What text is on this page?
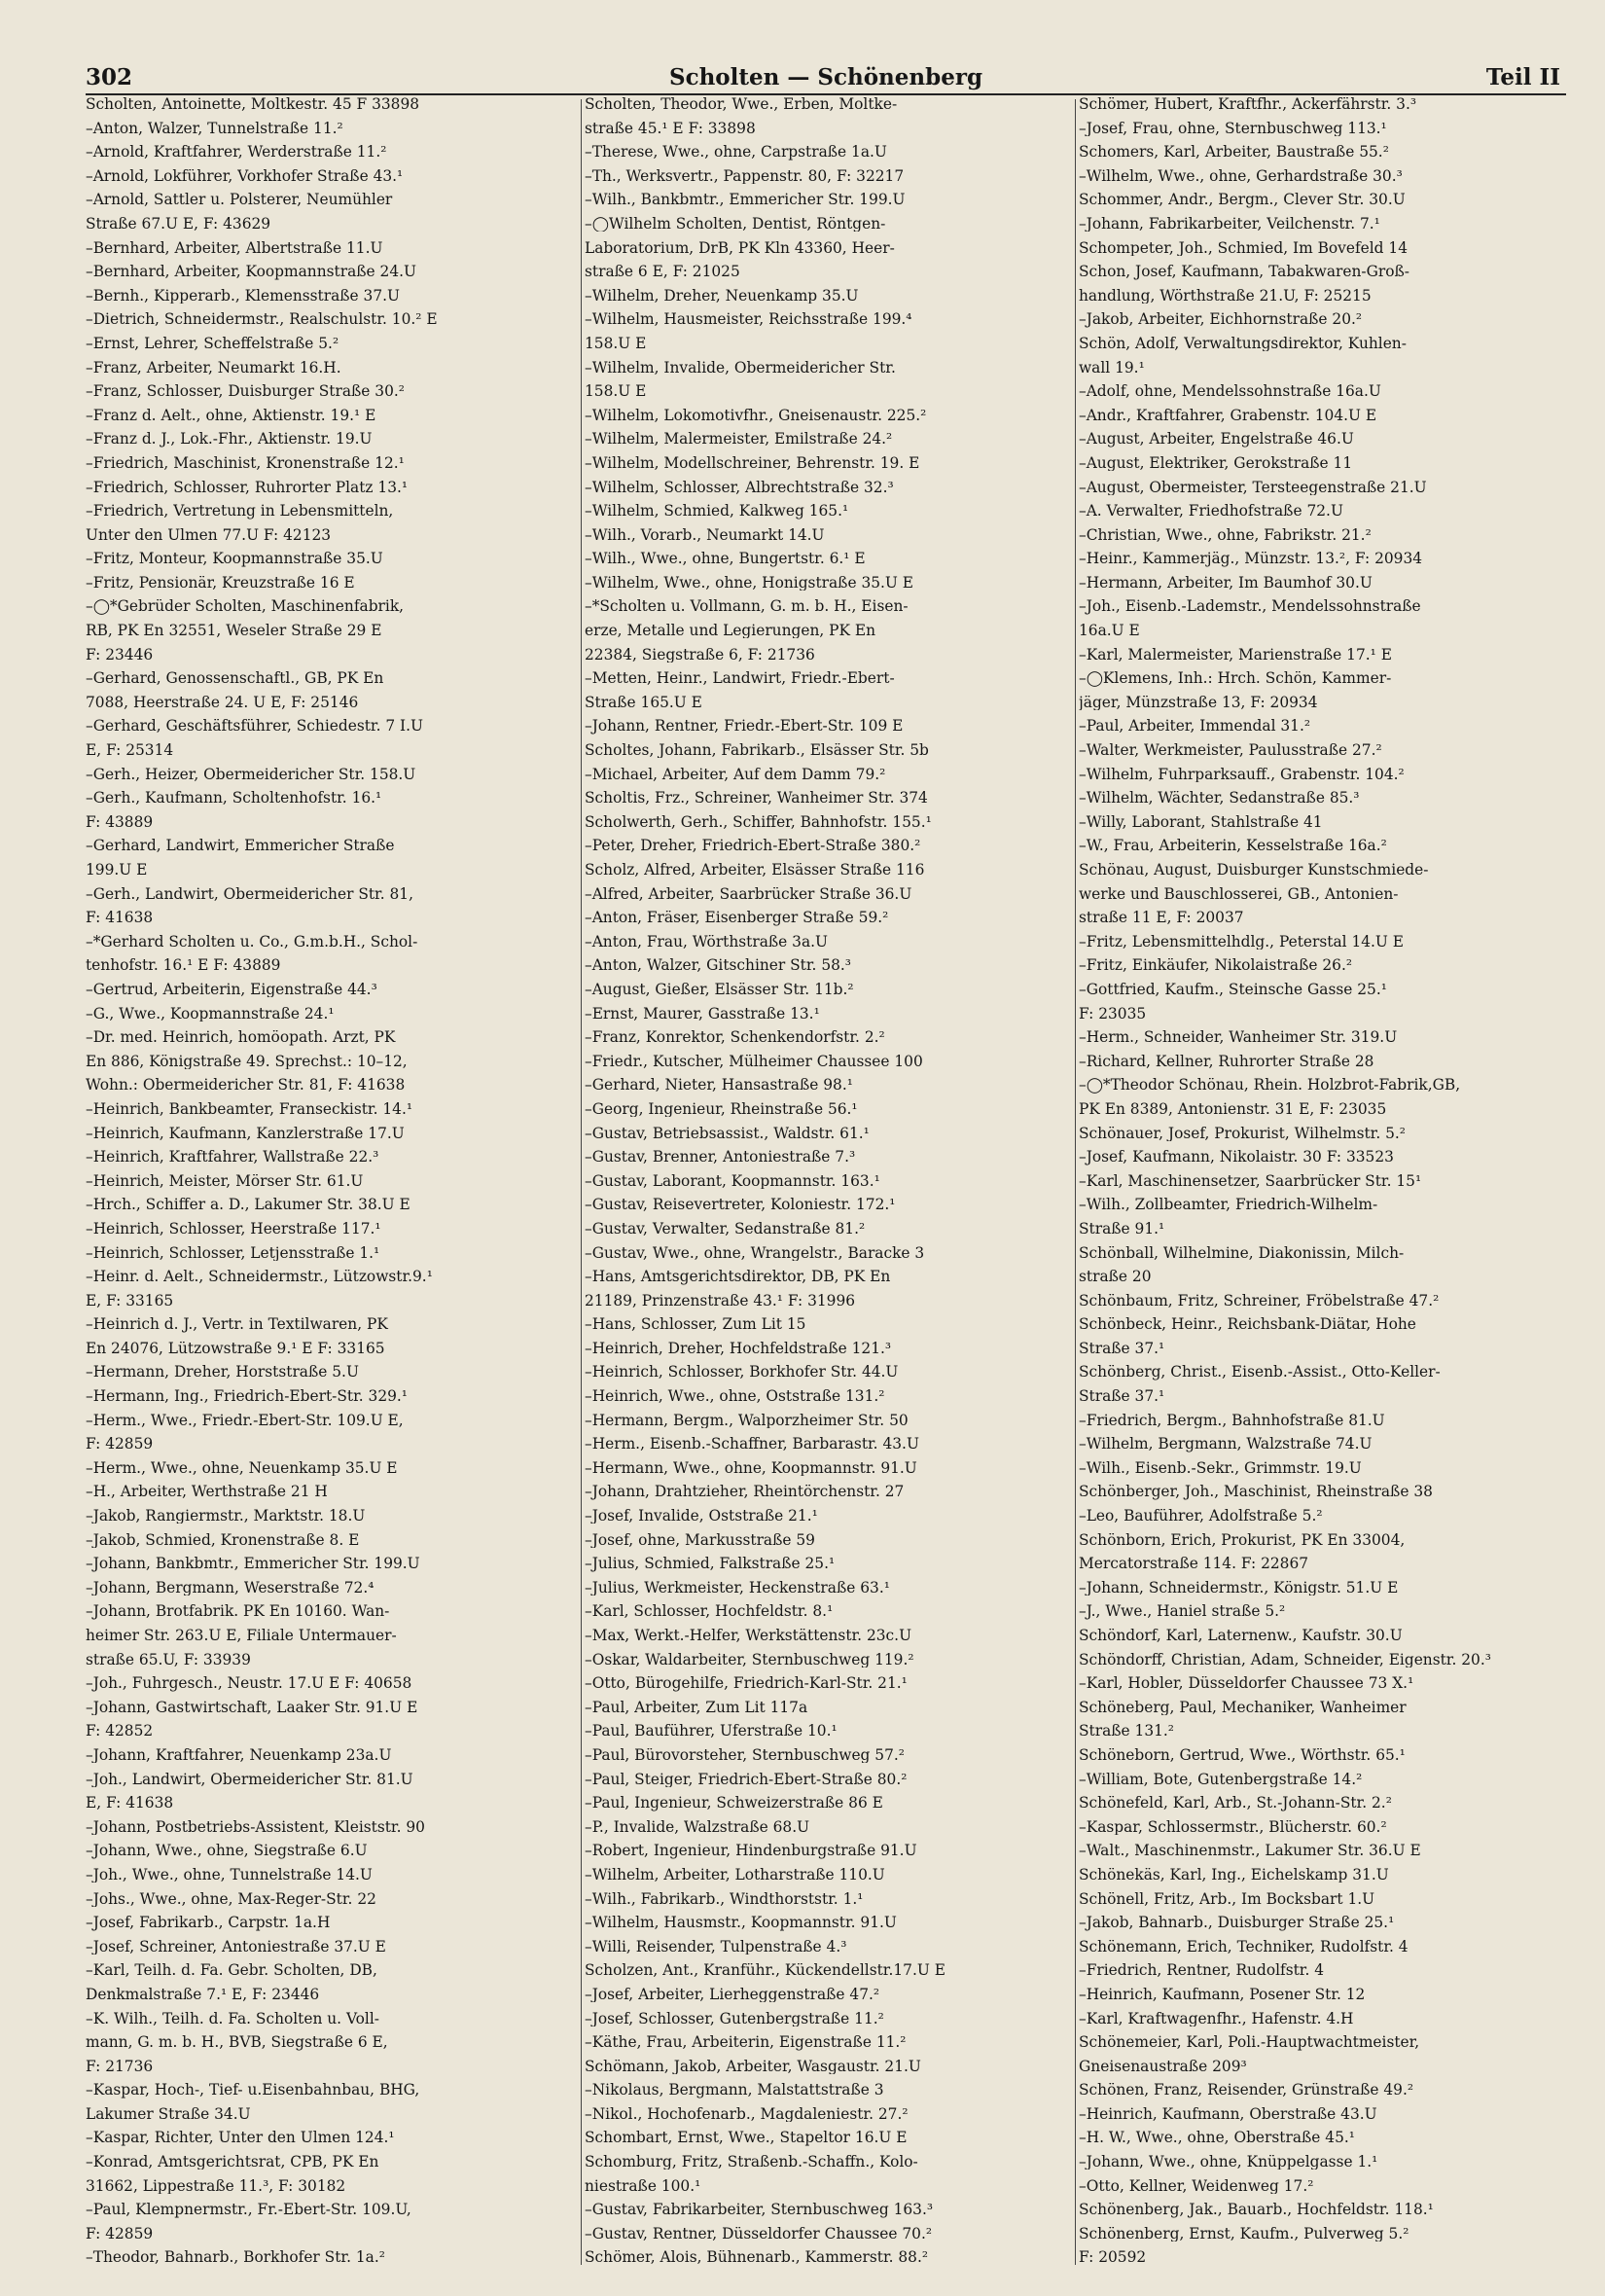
302	Scholten — Schönenberg	Teil II
Scholten, Antoinette, Moltkestr. 45 F 33898
–Anton, Walzer, Tunnelstraße 11.²
–Arnold, Kraftfahrer, Werderstraße 11.²
–Arnold, Lokführer, Vorkhofer Straße 43.¹
–Arnold, Sattler u. Polsterer, Neumühler
Straße 67.U E, F: 43629
–Bernhard, Arbeiter, Albertstraße 11.U
–Bernhard, Arbeiter, Koopmannstraße 24.U
–Bernh., Kipperarb., Klemensstraße 37.U
–Dietrich, Schneidermstr., Realschulstr. 10.² E
–Ernst, Lehrer, Scheffelstraße 5.²
–Franz, Arbeiter, Neumarkt 16.H.
–Franz, Schlosser, Duisburger Straße 30.²
–Franz d. Aelt., ohne, Aktienstr. 19.¹ E
–Franz d. J., Lok.-Fhr., Aktienstr. 19.U
–Friedrich, Maschinist, Kronenstraße 12.¹
–Friedrich, Schlosser, Ruhrorter Platz 13.¹
–Friedrich, Vertretung in Lebensmitteln,
Unter den Ulmen 77.U F: 42123
–Fritz, Monteur, Koopmannstraße 35.U
–Fritz, Pensionär, Kreuzstraße 16 E
–◯*Gebrüder Scholten, Maschinenfabrik,
RB, PK En 32551, Weseler Straße 29 E
F: 23446
–Gerhard, Genossenschaftl., GB, PK En
7088, Heerstraße 24. U E, F: 25146
–Gerhard, Geschäftsführer, Schiedestr. 7 I.U
E, F: 25314
–Gerh., Heizer, Obermeidericher Str. 158.U
–Gerh., Kaufmann, Scholtenhofstr. 16.¹
F: 43889
–Gerhard, Landwirt, Emmericher Straße
199.U E
–Gerh., Landwirt, Obermeidericher Str. 81,
F: 41638
–*Gerhard Scholten u. Co., G.m.b.H., Schol-
tenhofstr. 16.¹ E F: 43889
–Gertrud, Arbeiterin, Eigenstraße 44.³
–G., Wwe., Koopmannstraße 24.¹
–Dr. med. Heinrich, homöopath. Arzt, PK
En 886, Königstraße 49. Sprechst.: 10–12,
Wohn.: Obermeidericher Str. 81, F: 41638
–Heinrich, Bankbeamter, Franseckistr. 14.¹
–Heinrich, Kaufmann, Kanzlerstraße 17.U
–Heinrich, Kraftfahrer, Wallstraße 22.³
–Heinrich, Meister, Mörser Str. 61.U
–Hrch., Schiffer a. D., Lakumer Str. 38.U E
–Heinrich, Schlosser, Heerstraße 117.¹
–Heinrich, Schlosser, Letjensstraße 1.¹
–Heinr. d. Aelt., Schneidermstr., Lützowstr.9.¹
E, F: 33165
–Heinrich d. J., Vertr. in Textilwaren, PK
En 24076, Lützowstraße 9.¹ E F: 33165
–Hermann, Dreher, Horststraße 5.U
–Hermann, Ing., Friedrich-Ebert-Str. 329.¹
–Herm., Wwe., Friedr.-Ebert-Str. 109.U E,
F: 42859
–Herm., Wwe., ohne, Neuenkamp 35.U E
–H., Arbeiter, Werthstraße 21 H
–Jakob, Rangiermstr., Marktstr. 18.U
–Jakob, Schmied, Kronenstraße 8. E
–Johann, Bankbmtr., Emmericher Str. 199.U
–Johann, Bergmann, Weserstraße 72.⁴
–Johann, Brotfabrik. PK En 10160. Wan-
heimer Str. 263.U E, Filiale Untermauer-
straße 65.U, F: 33939
–Joh., Fuhrgesch., Neustr. 17.U E F: 40658
–Johann, Gastwirtschaft, Laaker Str. 91.U E
F: 42852
–Johann, Kraftfahrer, Neuenkamp 23a.U
–Joh., Landwirt, Obermeidericher Str. 81.U
E, F: 41638
–Johann, Postbetriebs-Assistent, Kleiststr. 90
–Johann, Wwe., ohne, Siegstraße 6.U
–Joh., Wwe., ohne, Tunnelstraße 14.U
–Johs., Wwe., ohne, Max-Reger-Str. 22
–Josef, Fabrikarb., Carpstr. 1a.H
–Josef, Schreiner, Antoniestraße 37.U E
–Karl, Teilh. d. Fa. Gebr. Scholten, DB,
Denkmalstraße 7.¹ E, F: 23446
–K. Wilh., Teilh. d. Fa. Scholten u. Voll-
mann, G. m. b. H., BVB, Siegstraße 6 E,
F: 21736
–Kaspar, Hoch-, Tief- u.Eisenbahnbau, BHG,
Lakumer Straße 34.U
–Kaspar, Richter, Unter den Ulmen 124.¹
–Konrad, Amtsgerichtsrat, CPB, PK En
31662, Lippestraße 11.³, F: 30182
–Paul, Klempnermstr., Fr.-Ebert-Str. 109.U,
F: 42859
–Theodor, Bahnarb., Borkhofer Str. 1a.²
Scholten, Theodor, Wwe., Erben, Moltke-
straße 45.¹ E F: 33898
–Therese, Wwe., ohne, Carpstraße 1a.U
–Th., Werksvertr., Pappenstr. 80, F: 32217
–Wilh., Bankbmtr., Emmericher Str. 199.U
–◯Wilhelm Scholten, Dentist, Röntgen-
Laboratorium, DrB, PK Kln 43360, Heer-
straße 6 E, F: 21025
–Wilhelm, Dreher, Neuenkamp 35.U
–Wilhelm, Hausmeister, Reichsstraße 199.⁴
158.U E
–Wilhelm, Invalide, Obermeidericher Str.
158.U E
–Wilhelm, Lokomotivfhr., Gneisenaustr. 225.²
–Wilhelm, Malermeister, Emilstraße 24.²
–Wilhelm, Modellschreiner, Behrenstr. 19. E
–Wilhelm, Schlosser, Albrechtstraße 32.³
–Wilhelm, Schmied, Kalkweg 165.¹
–Wilh., Vorarb., Neumarkt 14.U
–Wilh., Wwe., ohne, Bungertstr. 6.¹ E
–Wilhelm, Wwe., ohne, Honigstraße 35.U E
–*Scholten u. Vollmann, G. m. b. H., Eisen-
erze, Metalle und Legierungen, PK En
22384, Siegstraße 6, F: 21736
–Metten, Heinr., Landwirt, Friedr.-Ebert-
Straße 165.U E
–Johann, Rentner, Friedr.-Ebert-Str. 109 E
Scholtes, Johann, Fabrikarb., Elsässer Str. 5b
–Michael, Arbeiter, Auf dem Damm 79.²
Scholtis, Frz., Schreiner, Wanheimer Str. 374
Scholwerth, Gerh., Schiffer, Bahnhofstr. 155.¹
–Peter, Dreher, Friedrich-Ebert-Straße 380.²
Scholz, Alfred, Arbeiter, Elsässer Straße 116
–Alfred, Arbeiter, Saarbrücker Straße 36.U
–Anton, Fräser, Eisenberger Straße 59.²
–Anton, Frau, Wörthstraße 3a.U
–Anton, Walzer, Gitschiner Str. 58.³
–August, Gießer, Elsässer Str. 11b.²
–Ernst, Maurer, Gasstraße 13.¹
–Franz, Konrektor, Schenkendorfstr. 2.²
–Friedr., Kutscher, Mülheimer Chaussee 100
–Gerhard, Nieter, Hansastraße 98.¹
–Georg, Ingenieur, Rheinstraße 56.¹
–Gustav, Betriebsassist., Waldstr. 61.¹
–Gustav, Brenner, Antoniestraße 7.³
–Gustav, Laborant, Koopmannstr. 163.¹
–Gustav, Reisevertreter, Koloniestr. 172.¹
–Gustav, Verwalter, Sedanstraße 81.²
–Gustav, Wwe., ohne, Wrangelstr., Baracke 3
–Hans, Amtsgerichtsdirektor, DB, PK En
21189, Prinzenstraße 43.¹ F: 31996
–Hans, Schlosser, Zum Lit 15
–Heinrich, Dreher, Hochfeldstraße 121.³
–Heinrich, Schlosser, Borkhofer Str. 44.U
–Heinrich, Wwe., ohne, Oststraße 131.²
–Hermann, Bergm., Walporzheimer Str. 50
–Herm., Eisenb.-Schaffner, Barbarastr. 43.U
–Hermann, Wwe., ohne, Koopmannstr. 91.U
–Johann, Drahtzieher, Rheintörchenstr. 27
–Josef, Invalide, Oststraße 21.¹
–Josef, ohne, Markusstraße 59
–Julius, Schmied, Falkstraße 25.¹
–Julius, Werkmeister, Heckenstraße 63.¹
–Karl, Schlosser, Hochfeldstr. 8.¹
–Max, Werkt.-Helfer, Werkstättenstr. 23c.U
–Oskar, Waldarbeiter, Sternbuschweg 119.²
–Otto, Bürogehilfe, Friedrich-Karl-Str. 21.¹
–Paul, Arbeiter, Zum Lit 117a
–Paul, Bauführer, Uferstraße 10.¹
–Paul, Bürovorsteher, Sternbuschweg 57.²
–Paul, Steiger, Friedrich-Ebert-Straße 80.²
–Paul, Ingenieur, Schweizerstraße 86 E
–P., Invalide, Walzstraße 68.U
–Robert, Ingenieur, Hindenburgstraße 91.U
–Wilhelm, Arbeiter, Lotharstraße 110.U
–Wilh., Fabrikarb., Windthorststr. 1.¹
–Wilhelm, Hausmstr., Koopmannstr. 91.U
–Willi, Reisender, Tulpenstraße 4.³
Scholzen, Ant., Kranführ., Kückendellstr.17.U E
–Josef, Arbeiter, Lierheggenstraße 47.²
–Josef, Schlosser, Gutenbergstraße 11.²
–Käthe, Frau, Arbeiterin, Eigenstraße 11.²
Schömann, Jakob, Arbeiter, Wasgaustr. 21.U
–Nikolaus, Bergmann, Malstattstraße 3
–Nikol., Hochofenarb., Magdaleniestr. 27.²
Schombart, Ernst, Wwe., Stapeltor 16.U E
Schomburg, Fritz, Straßenb.-Schaffn., Kolo-
niestraße 100.¹
–Gustav, Fabrikarbeiter, Sternbuschweg 163.³
–Gustav, Rentner, Düsseldorfer Chaussee 70.²
Schömer, Alois, Bühnenarb., Kammerstr. 88.²
Schömer, Hubert, Kraftfhr., Ackerfährstr. 3.³
–Josef, Frau, ohne, Sternbuschweg 113.¹
Schomers, Karl, Arbeiter, Baustraße 55.²
–Wilhelm, Wwe., ohne, Gerhardstraße 30.³
Schommer, Andr., Bergm., Clever Str. 30.U
–Johann, Fabrikarbeiter, Veilchenstr. 7.¹
Schompeter, Joh., Schmied, Im Bovefeld 14
Schon, Josef, Kaufmann, Tabakwaren-Groß-
handlung, Wörthstraße 21.U, F: 25215
–Jakob, Arbeiter, Eichhornstraße 20.²
Schön, Adolf, Verwaltungsdirektor, Kuhlen-
wall 19.¹
–Adolf, ohne, Mendelssohnstraße 16a.U
–Andr., Kraftfahrer, Grabenstr. 104.U E
–August, Arbeiter, Engelstraße 46.U
–August, Elektriker, Gerokstraße 11
–August, Obermeister, Tersteegenstraße 21.U
–A. Verwalter, Friedhofstraße 72.U
–Christian, Wwe., ohne, Fabrikstr. 21.²
–Heinr., Kammerjäg., Münzstr. 13.², F: 20934
–Hermann, Arbeiter, Im Baumhof 30.U
–Joh., Eisenb.-Lademstr., Mendelssohnstraße
16a.U E
–Karl, Malermeister, Marienstraße 17.¹ E
–◯Klemens, Inh.: Hrch. Schön, Kammer-
jäger, Münzstraße 13, F: 20934
–Paul, Arbeiter, Immendal 31.²
–Walter, Werkmeister, Paulusstraße 27.²
–Wilhelm, Fuhrparksauff., Grabenstr. 104.²
–Wilhelm, Wächter, Sedanstraße 85.³
–Willy, Laborant, Stahlstraße 41
–W., Frau, Arbeiterin, Kesselstraße 16a.²
Schönau, August, Duisburger Kunstschmiede-
werke und Bauschlosserei, GB., Antonien-
straße 11 E, F: 20037
–Fritz, Lebensmittelhdlg., Peterstal 14.U E
–Fritz, Einkäufer, Nikolaistraße 26.²
–Gottfried, Kaufm., Steinsche Gasse 25.¹
F: 23035
–Herm., Schneider, Wanheimer Str. 319.U
–Richard, Kellner, Ruhrorter Straße 28
–◯*Theodor Schönau, Rhein. Holzbrot-Fabrik,GB,
PK En 8389, Antonienstr. 31 E, F: 23035
Schönauer, Josef, Prokurist, Wilhelmstr. 5.²
–Josef, Kaufmann, Nikolaistr. 30 F: 33523
–Karl, Maschinensetzer, Saarbrücker Str. 15¹
–Wilh., Zollbeamter, Friedrich-Wilhelm-
Straße 91.¹
Schönball, Wilhelmine, Diakonissin, Milch-
straße 20
Schönbaum, Fritz, Schreiner, Fröbelstraße 47.²
Schönbeck, Heinr., Reichsbank-Diätar, Hohe
Straße 37.¹
Schönberg, Christ., Eisenb.-Assist., Otto-Keller-
Straße 37.¹
–Friedrich, Bergm., Bahnhofstraße 81.U
–Wilhelm, Bergmann, Walzstraße 74.U
–Wilh., Eisenb.-Sekr., Grimmstr. 19.U
Schönberger, Joh., Maschinist, Rheinstraße 38
–Leo, Bauführer, Adolfstraße 5.²
Schönborn, Erich, Prokurist, PK En 33004,
Mercatorstraße 114. F: 22867
–Johann, Schneidermstr., Königstr. 51.U E
–J., Wwe., Haniel straße 5.²
Schöndorf, Karl, Laternenw., Kaufstr. 30.U
Schöndorff, Christian, Adam, Schneider, Eigenstr. 20.³
–Karl, Hobler, Düsseldorfer Chaussee 73 X.¹
Schöneberg, Paul, Mechaniker, Wanheimer
Straße 131.²
Schöneborn, Gertrud, Wwe., Wörthstr. 65.¹
–William, Bote, Gutenbergstraße 14.²
Schönefeld, Karl, Arb., St.-Johann-Str. 2.²
–Kaspar, Schlossermstr., Blücherstr. 60.²
–Walt., Maschinenmstr., Lakumer Str. 36.U E
Schönekäs, Karl, Ing., Eichelskamp 31.U
Schönell, Fritz, Arb., Im Bocksbart 1.U
–Jakob, Bahnarb., Duisburger Straße 25.¹
Schönemann, Erich, Techniker, Rudolfstr. 4
–Friedrich, Rentner, Rudolfstr. 4
–Heinrich, Kaufmann, Posener Str. 12
–Karl, Kraftwagenfhr., Hafenstr. 4.H
Schönemeier, Karl, Poli.-Hauptwachtmeister,
Gneisenaustraße 209³
Schönen, Franz, Reisender, Grünstraße 49.²
–Heinrich, Kaufmann, Oberstraße 43.U
–H. W., Wwe., ohne, Oberstraße 45.¹
–Johann, Wwe., ohne, Knüppelgasse 1.¹
–Otto, Kellner, Weidenweg 17.²
Schönenberg, Jak., Bauarb., Hochfeldstr. 118.¹
Schönenberg, Ernst, Kaufm., Pulverweg 5.²
F: 20592
